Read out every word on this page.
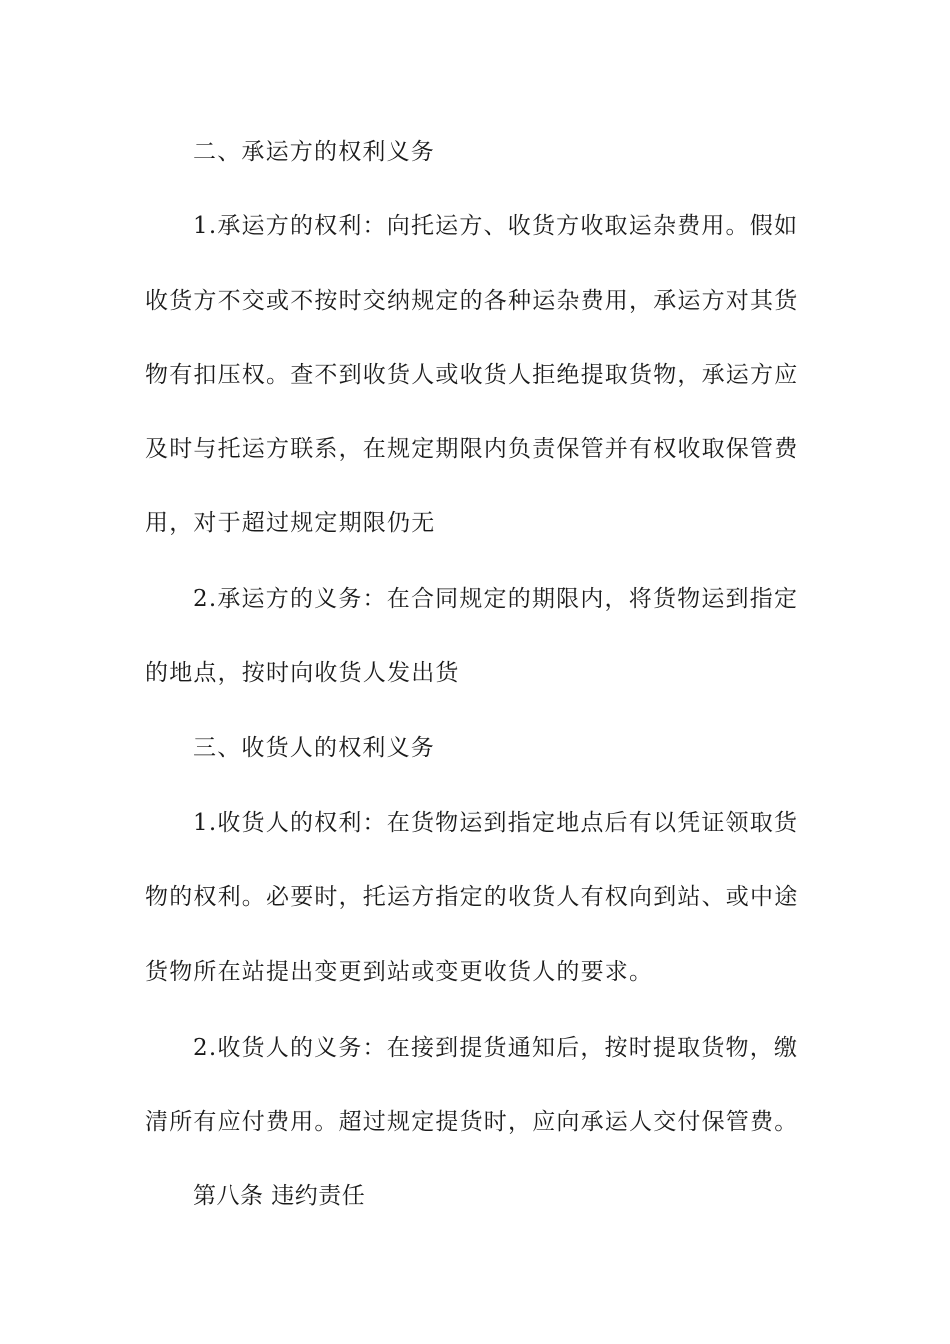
二、承运方的权利义务
1.承运方的权利：向托运方、收货方收取运杂费用。假如
收货方不交或不按时交纳规定的各种运杂费用，承运方对其货
物有扣压权。查不到收货人或收货人拒绝提取货物，承运方应
及时与托运方联系，在规定期限内负责保管并有权收取保管费
用，对于超过规定期限仍无
2.承运方的义务：在合同规定的期限内，将货物运到指定
的地点，按时向收货人发出货
三、收货人的权利义务
1.收货人的权利：在货物运到指定地点后有以凭证领取货
物的权利。必要时，托运方指定的收货人有权向到站、或中途
货物所在站提出变更到站或变更收货人的要求。
2.收货人的义务：在接到提货通知后，按时提取货物，缴
清所有应付费用。超过规定提货时，应向承运人交付保管费。
第八条 违约责任
